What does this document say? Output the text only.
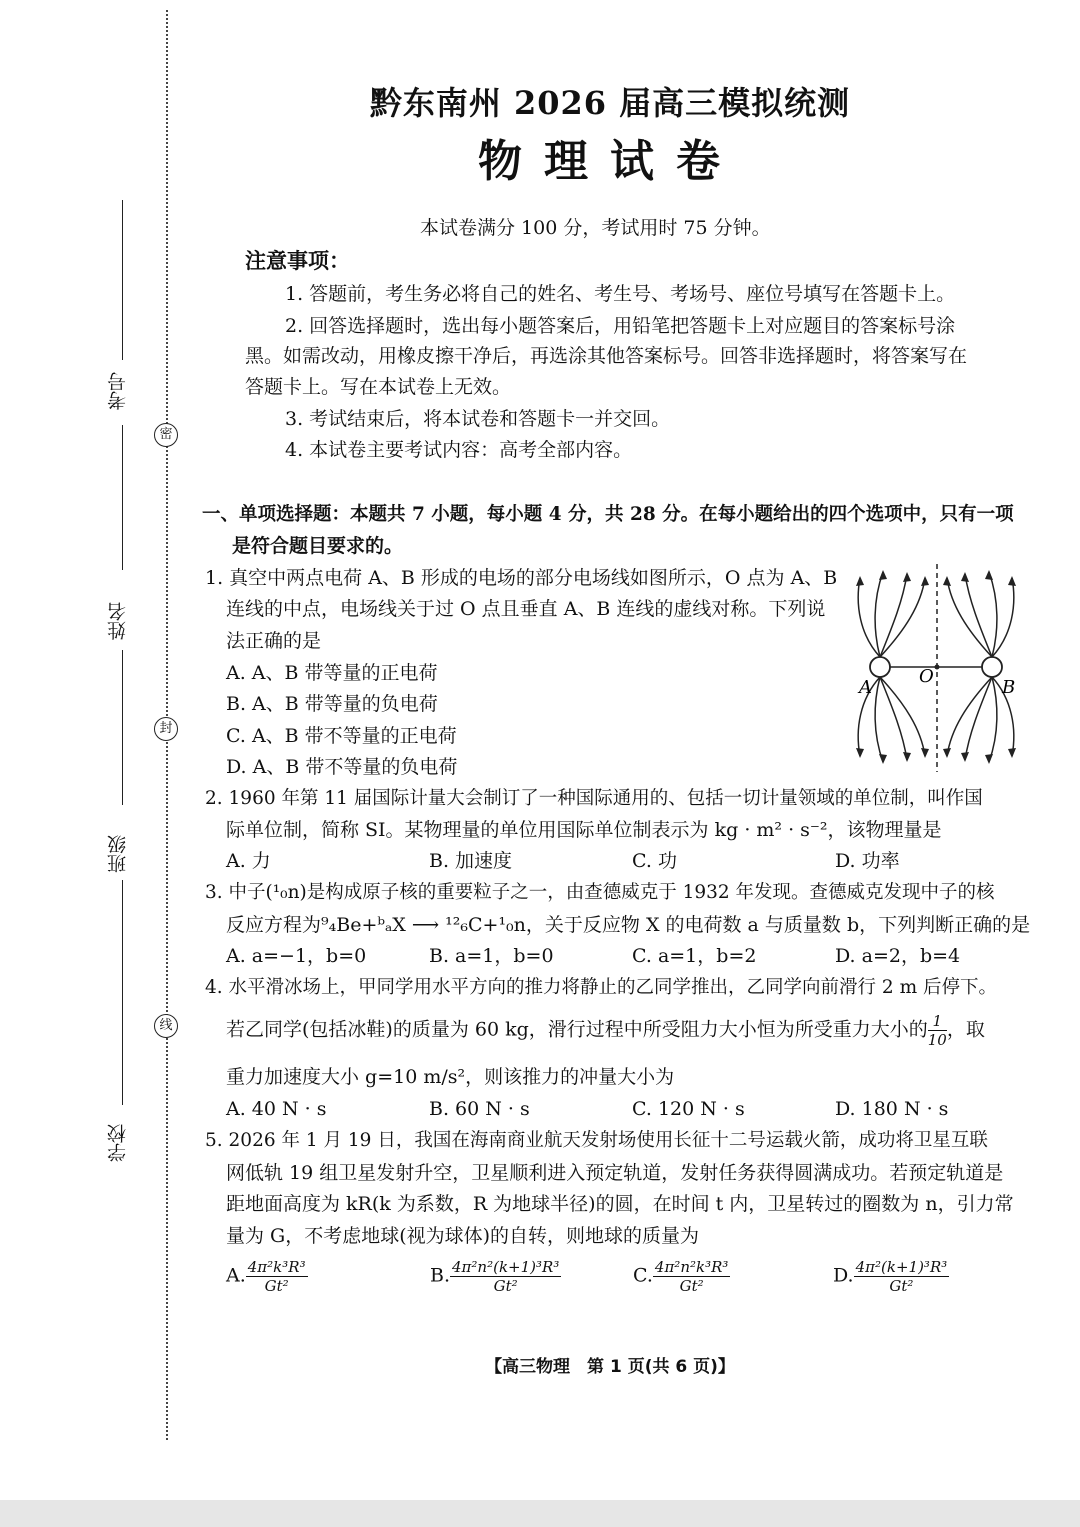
考号
姓名
班级
学校
密
封
线
黔东南州 2026 届高三模拟统测
物理试卷
本试卷满分 100 分，考试用时 75 分钟。
注意事项：
1. 答题前，考生务必将自己的姓名、考生号、考场号、座位号填写在答题卡上。
2. 回答选择题时，选出每小题答案后，用铅笔把答题卡上对应题目的答案标号涂
黑。如需改动，用橡皮擦干净后，再选涂其他答案标号。回答非选择题时，将答案写在
答题卡上。写在本试卷上无效。
3. 考试结束后，将本试卷和答题卡一并交回。
4. 本试卷主要考试内容：高考全部内容。
一、单项选择题：本题共 7 小题，每小题 4 分，共 28 分。在每小题给出的四个选项中，只有一项
是符合题目要求的。
1. 真空中两点电荷 A、B 形成的电场的部分电场线如图所示，O 点为 A、B
连线的中点，电场线关于过 O 点且垂直 A、B 连线的虚线对称。下列说
法正确的是
A. A、B 带等量的正电荷
B. A、B 带等量的负电荷
C. A、B 带不等量的正电荷
D. A、B 带不等量的负电荷
A
O
B
2. 1960 年第 11 届国际计量大会制订了一种国际通用的、包括一切计量领域的单位制，叫作国
际单位制，简称 SI。某物理量的单位用国际单位制表示为 kg · m² · s⁻²，该物理量是
A. 力	B. 加速度	C. 功	D. 功率
3. 中子(¹₀n)是构成原子核的重要粒子之一，由查德威克于 1932 年发现。查德威克发现中子的核
反应方程为⁹₄Be+ᵇₐX ⟶ ¹²₆C+¹₀n，关于反应物 X 的电荷数 a 与质量数 b，下列判断正确的是
A. a=−1，b=0	B. a=1，b=0	C. a=1，b=2	D. a=2，b=4
4. 水平滑冰场上，甲同学用水平方向的推力将静止的乙同学推出，乙同学向前滑行 2 m 后停下。
若乙同学(包括冰鞋)的质量为 60 kg，滑行过程中所受阻力大小恒为所受重力大小的 $\frac{1}{10}$ ，取
重力加速度大小 g=10 m/s²，则该推力的冲量大小为
A. 40 N · s	B. 60 N · s	C. 120 N · s	D. 180 N · s
5. 2026 年 1 月 19 日，我国在海南商业航天发射场使用长征十二号运载火箭，成功将卫星互联
网低轨 19 组卫星发射升空，卫星顺利进入预定轨道，发射任务获得圆满成功。若预定轨道是
距地面高度为 kR(k 为系数，R 为地球半径)的圆，在时间 t 内，卫星转过的圈数为 n，引力常
量为 G，不考虑地球(视为球体)的自转，则地球的质量为
A. $\frac{\text{4π²k³R³}}{\text{Gt²}}$	B. $\frac{\text{4π²n²(k+1)³R³}}{\text{Gt²}}$	C. $\frac{\text{4π²n²k³R³}}{\text{Gt²}}$	D. $\frac{\text{4π²(k+1)³R³}}{\text{Gt²}}$
【高三物理　第 1 页(共 6 页)】
